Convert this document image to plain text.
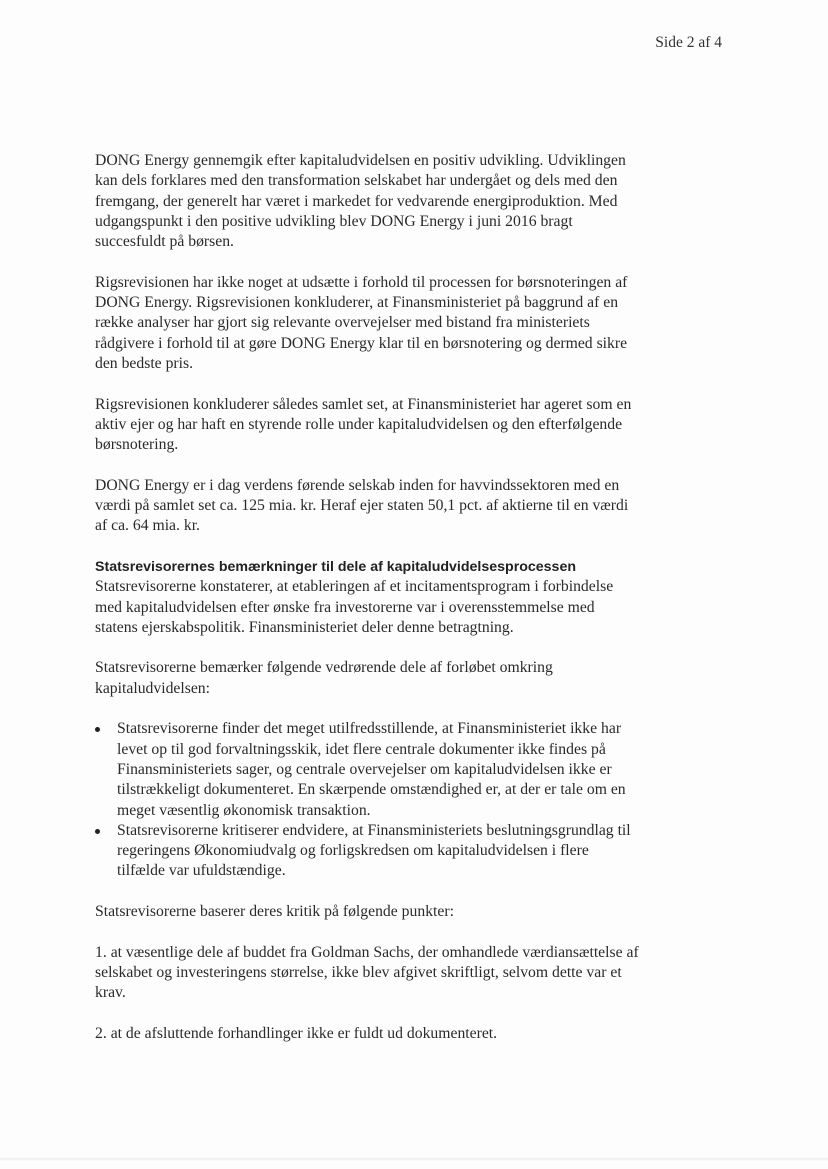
Side 2 af 4

DONG Energy gennemgik efter kapitaludvidelsen en positiv udvikling. Udviklingen kan dels forklares med den transformation selskabet har undergået og dels med den fremgang, der generelt har været i markedet for vedvarende energiproduktion. Med udgangspunkt i den positive udvikling blev DONG Energy i juni 2016 bragt succesfuldt på børsen.

Rigsrevisionen har ikke noget at udsætte i forhold til processen for børsnoteringen af DONG Energy. Rigsrevisionen konkluderer, at Finansministeriet på baggrund af en række analyser har gjort sig relevante overvejelser med bistand fra ministeriets rådgivere i forhold til at gøre DONG Energy klar til en børsnotering og dermed sikre den bedste pris.

Rigsrevisionen konkluderer således samlet set, at Finansministeriet har ageret som en aktiv ejer og har haft en styrende rolle under kapitaludvidelsen og den efterfølgende børsnotering.

DONG Energy er i dag verdens førende selskab inden for havvindssektoren med en værdi på samlet set ca. 125 mia. kr. Heraf ejer staten 50,1 pct. af aktierne til en værdi af ca. 64 mia. kr.

Statsrevisorernes bemærkninger til dele af kapitaludvidelsesprocessen

Statsrevisorerne konstaterer, at etableringen af et incitamentsprogram i forbindelse med kapitaludvidelsen efter ønske fra investorerne var i overensstemmelse med statens ejerskabspolitik. Finansministeriet deler denne betragtning.

Statsrevisorerne bemærker følgende vedrørende dele af forløbet omkring kapitaludvidelsen:

Statsrevisorerne finder det meget utilfredsstillende, at Finansministeriet ikke har levet op til god forvaltningsskik, idet flere centrale dokumenter ikke findes på Finansministeriets sager, og centrale overvejelser om kapitaludvidelsen ikke er tilstrækkeligt dokumenteret. En skærpende omstændighed er, at der er tale om en meget væsentlig økonomisk transaktion.
Statsrevisorerne kritiserer endvidere, at Finansministeriets beslutningsgrundlag til regeringens Økonomiudvalg og forligskredsen om kapitaludvidelsen i flere tilfælde var ufuldstændige.

Statsrevisorerne baserer deres kritik på følgende punkter:

1. at væsentlige dele af buddet fra Goldman Sachs, der omhandlede værdiansættelse af selskabet og investeringens størrelse, ikke blev afgivet skriftligt, selvom dette var et krav.

2. at de afsluttende forhandlinger ikke er fuldt ud dokumenteret.
